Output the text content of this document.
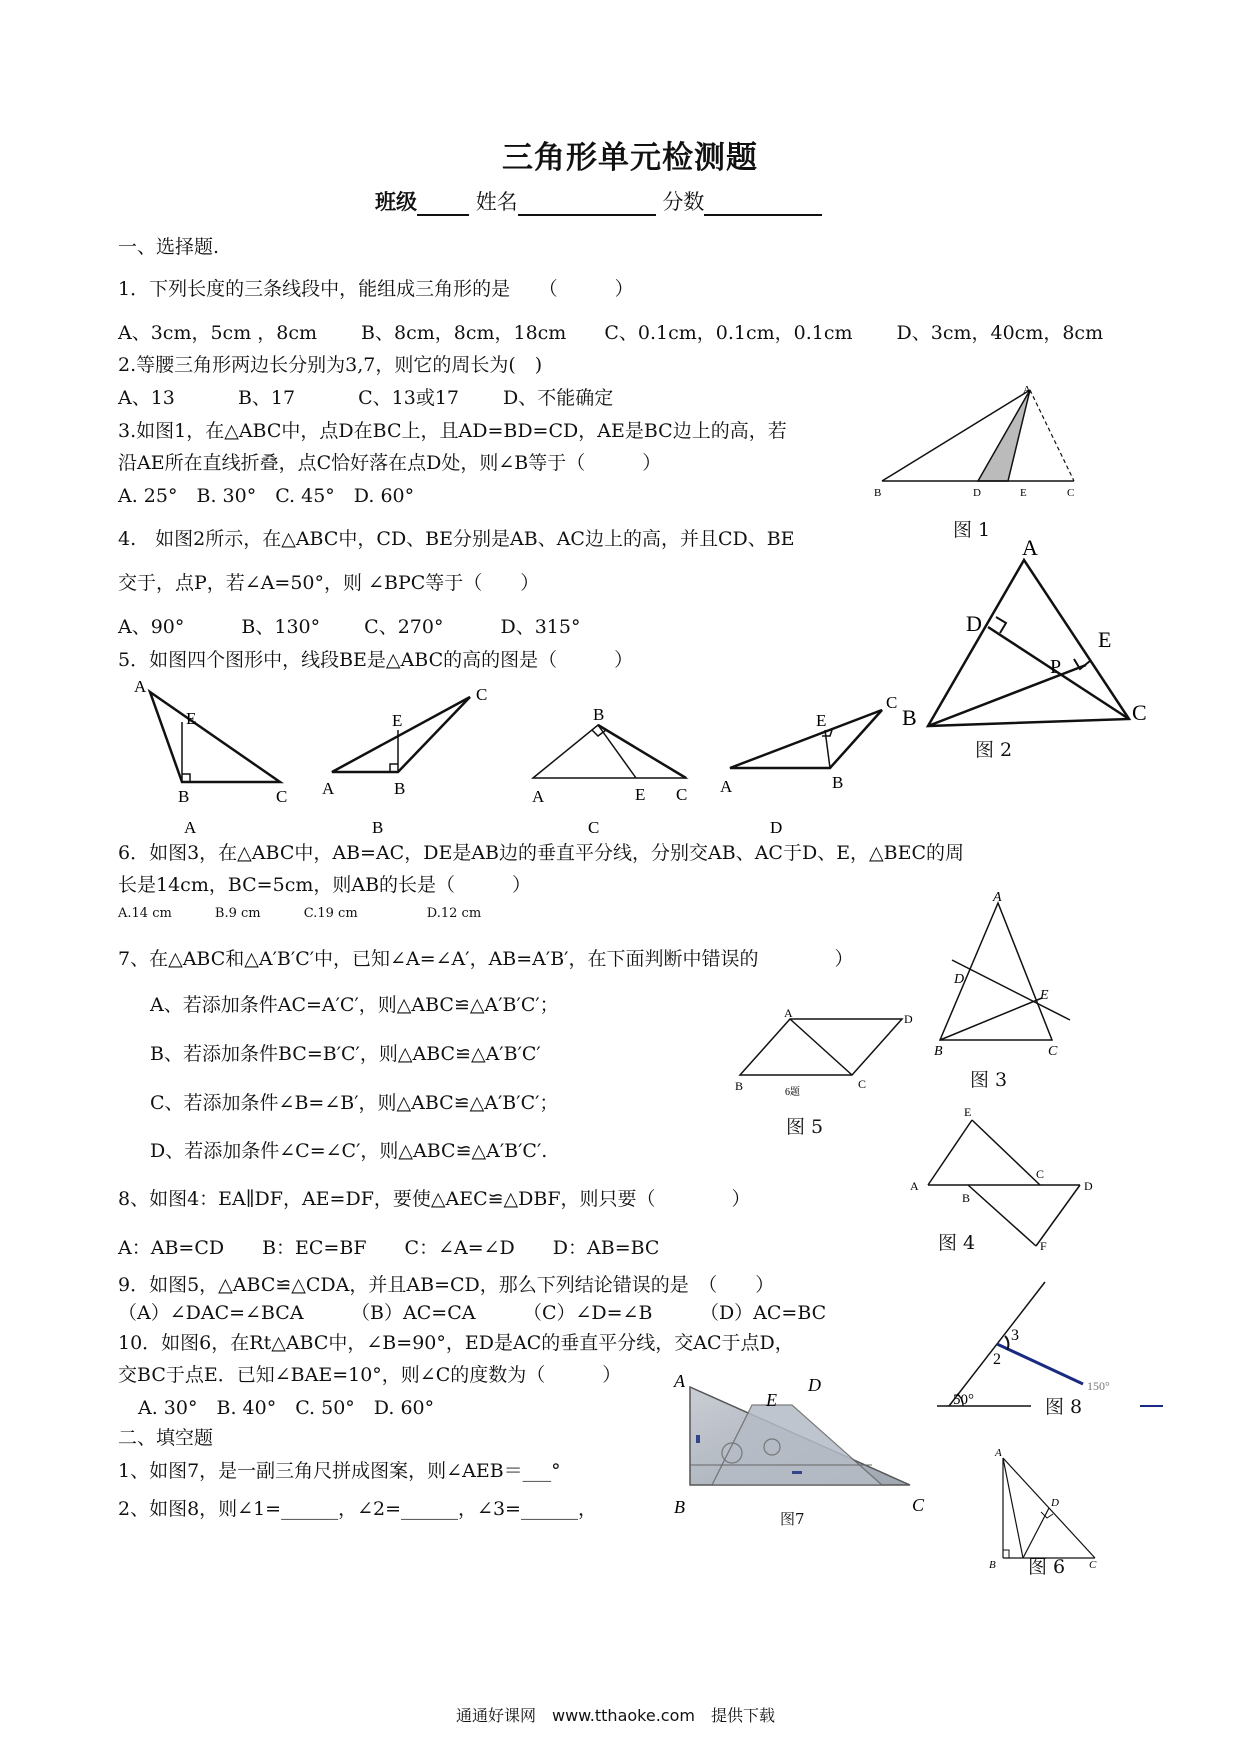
三角形单元检测题
班级	姓名	分数
一、选择题.
1．下列长度的三条线段中，能组成三角形的是　　（　　　）
A、3cm，5cm ，8cm　　 B、8cm，8cm，18cm　　C、0.1cm，0.1cm，0.1cm　　 D、3cm，40cm，8cm
2.等腰三角形两边长分别为3,7，则它的周长为(　)
A、13　　　 B、17　　　 C、13或17　　 D、不能确定
3.如图1，在△ABC中，点D在BC上，且AD=BD=CD，AE是BC边上的高，若
沿AE所在直线折叠，点C恰好落在点D处，则∠B等于（　　　）
A. 25°　B. 30°　C. 45°　D. 60°
4.　如图2所示，在△ABC中，CD、BE分别是AB、AC边上的高，并且CD、BE
交于，点P，若∠A=50°，则 ∠BPC等于（　　）
A、90°　　　B、130°　　 C、270°　　　D、315°
5．如图四个图形中，线段BE是△ABC的高的图是（　　　）
6．如图3，在△ABC中，AB=AC，DE是AB边的垂直平分线，分别交AB、AC于D、E，△BEC的周
长是14cm，BC=5cm，则AB的长是（　　　）
A.14 cm　　　 B.9 cm　　　 C.19 cm　　　　　 D.12 cm
7、在△ABC和△A′B′C′中，已知∠A=∠A′，AB=A′B′，在下面判断中错误的　　　　）
A、若添加条件AC=A′C′，则△ABC≌△A′B′C′；
B、若添加条件BC=B′C′，则△ABC≌△A′B′C′
C、若添加条件∠B=∠B′，则△ABC≌△A′B′C′；
D、若添加条件∠C=∠C′，则△ABC≌△A′B′C′.
8、如图4：EA∥DF，AE=DF，要使△AEC≌△DBF，则只要（　　　　）
A：AB=CD　　B：EC=BF　　C：∠A=∠D　　D：AB=BC
9．如图5，△ABC≌△CDA，并且AB=CD，那么下列结论错误的是　（　　）
（A）∠DAC=∠BCA　　　（B）AC=CA　　　（C）∠D=∠B　　　（D）AC=BC
10．如图6，在Rt△ABC中，∠B=90°，ED是AC的垂直平分线，交AC于点D，
交BC于点E．已知∠BAE=10°，则∠C的度数为（　　　）
A. 30°　B. 40°　C. 50°　D. 60°
二、填空题
1、如图7，是一副三角尺拼成图案，则∠AEB＝___°
2、如图8，则∠1=______，∠2=______，∠3=______，
A
B	D	E	C
图 1
A
D
E
P
B	C
图 2
A
E
B	C
A
A
E
B
C
B
A
B
E C
C
A
E
B
C
D
A
D
E
B	C
图 3
A	D
B	C
6题
图 5
E
A
B
C
D
F
图 4
50°
2
3
150°
1
图 8
A
E
D
B	C
图7
A
D
B	C
E
图 6
通通好课网　www.tthaoke.com　提供下载
